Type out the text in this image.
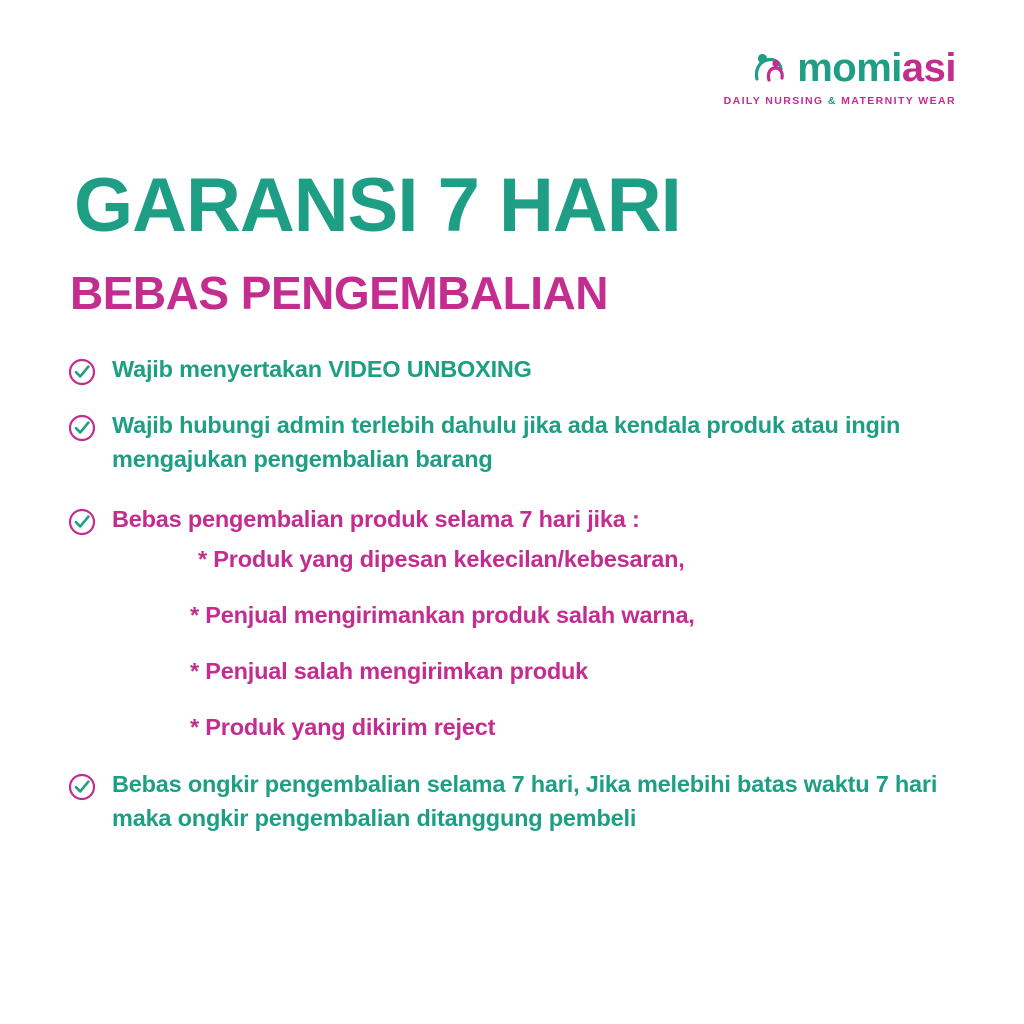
momiasi
DAILY NURSING & MATERNITY WEAR
GARANSI 7 HARI
BEBAS PENGEMBALIAN
Wajib menyertakan VIDEO UNBOXING
Wajib hubungi admin terlebih dahulu jika ada kendala produk atau ingin mengajukan pengembalian barang
Bebas pengembalian produk selama 7 hari jika :
* Produk yang dipesan kekecilan/kebesaran,
* Penjual mengirimankan produk salah warna,
* Penjual salah mengirimkan produk
* Produk yang dikirim reject
Bebas ongkir pengembalian selama 7 hari, Jika melebihi batas waktu 7 hari maka ongkir pengembalian ditanggung pembeli
